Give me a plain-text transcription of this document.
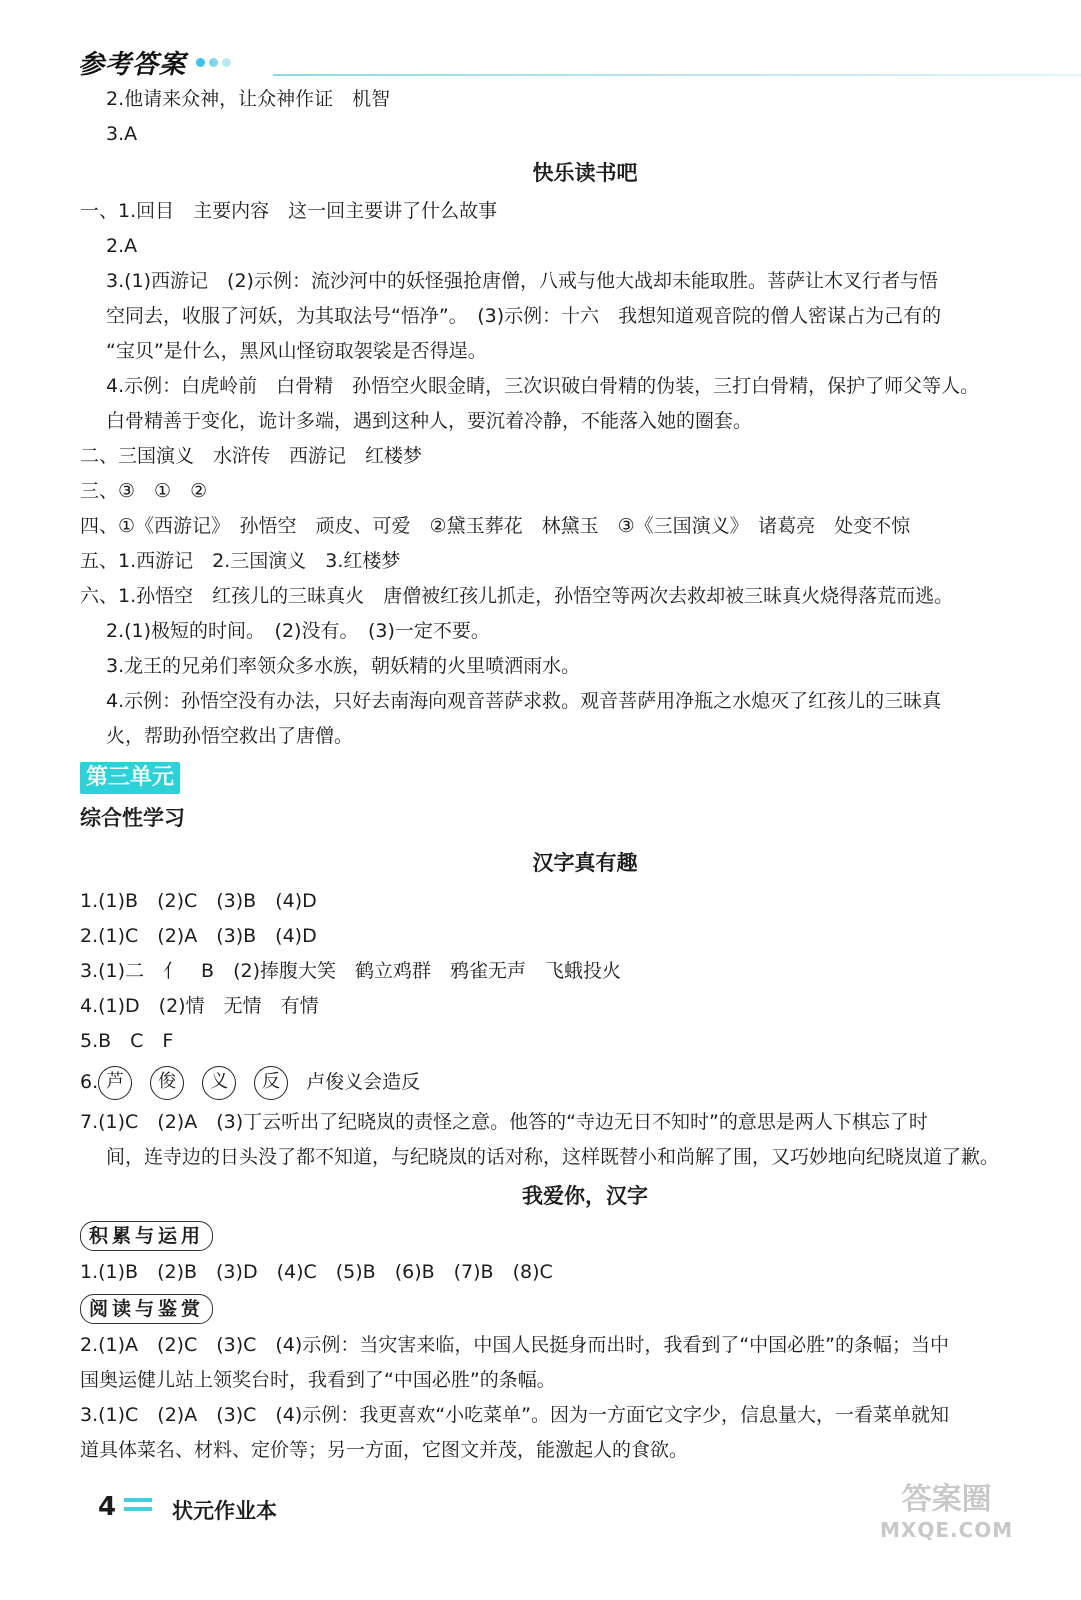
参考答案
2.他请来众神，让众神作证　机智
3.A
快乐读书吧
一、1.回目　主要内容　这一回主要讲了什么故事
2.A
3.(1)西游记　(2)示例：流沙河中的妖怪强抢唐僧，八戒与他大战却未能取胜。菩萨让木叉行者与悟
空同去，收服了河妖，为其取法号“悟净”。　(3)示例：十六　我想知道观音院的僧人密谋占为己有的
“宝贝”是什么，黑风山怪窃取袈裟是否得逞。
4.示例：白虎岭前　白骨精　孙悟空火眼金睛，三次识破白骨精的伪装，三打白骨精，保护了师父等人。
白骨精善于变化，诡计多端，遇到这种人，要沉着冷静，不能落入她的圈套。
二、三国演义　水浒传　西游记　红楼梦
三、③　①　②
四、①《西游记》　孙悟空　顽皮、可爱　②黛玉葬花　林黛玉　③《三国演义》　诸葛亮　处变不惊
五、1.西游记　2.三国演义　3.红楼梦
六、1.孙悟空　红孩儿的三昧真火　唐僧被红孩儿抓走，孙悟空等两次去救却被三昧真火烧得落荒而逃。
2.(1)极短的时间。　(2)没有。　(3)一定不要。
3.龙王的兄弟们率领众多水族，朝妖精的火里喷洒雨水。
4.示例：孙悟空没有办法，只好去南海向观音菩萨求救。观音菩萨用净瓶之水熄灭了红孩儿的三昧真
火，帮助孙悟空救出了唐僧。
第三单元
综合性学习
汉字真有趣
1.(1)B　(2)C　(3)B　(4)D
2.(1)C　(2)A　(3)B　(4)D
3.(1)二　亻　B　(2)捧腹大笑　鹤立鸡群　鸦雀无声　飞蛾投火
4.(1)D　(2)情　无情　有情
5.B　C　F
6. 芦 俊 义 反 卢俊义会造反
7.(1)C　(2)A　(3)丁云听出了纪晓岚的责怪之意。他答的“寺边无日不知时”的意思是两人下棋忘了时
间，连寺边的日头没了都不知道，与纪晓岚的话对称，这样既替小和尚解了围，又巧妙地向纪晓岚道了歉。
我爱你，汉字
积累与运用
1.(1)B　(2)B　(3)D　(4)C　(5)B　(6)B　(7)B　(8)C
阅读与鉴赏
2.(1)A　(2)C　(3)C　(4)示例：当灾害来临，中国人民挺身而出时，我看到了“中国必胜”的条幅；当中
国奥运健儿站上领奖台时，我看到了“中国必胜”的条幅。
3.(1)C　(2)A　(3)C　(4)示例：我更喜欢“小吃菜单”。因为一方面它文字少，信息量大，一看菜单就知
道具体菜名、材料、定价等；另一方面，它图文并茂，能激起人的食欲。
4	状元作业本	答案圈
MXQE.COM
